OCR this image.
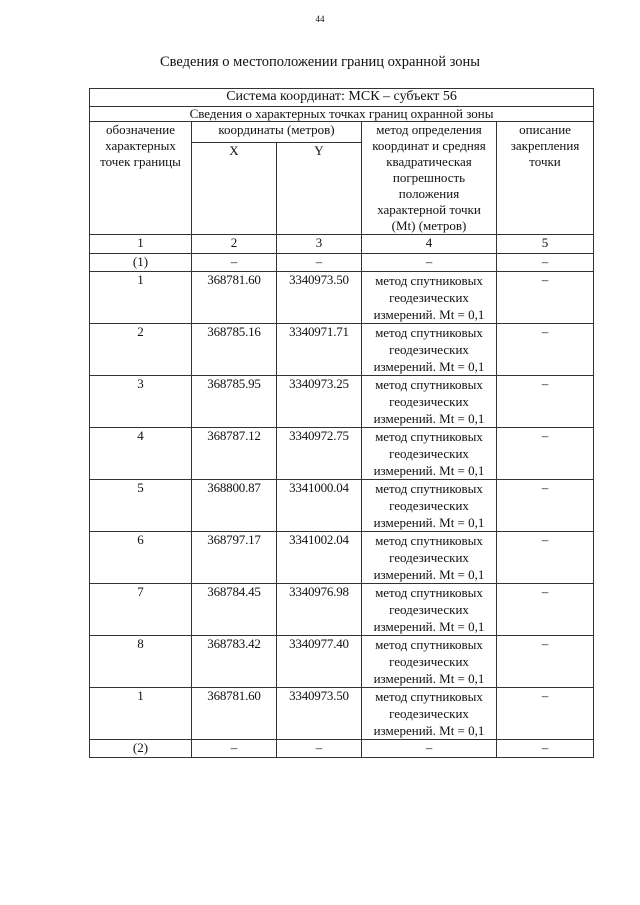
44
Сведения о местоположении границ охранной зоны
Система координат: МСК – субъект 56				
Сведения о характерных точках границ охранной зоны				
обозначение характерных точек границы	координаты (метров)		метод определения координат и средняя квадратическая погрешность положения характерной точки (Mt) (метров)	описание закрепления точки
	X	Y		
1	2	3	4	5
(1)	–	–	–	–
1	368781.60	3340973.50	метод спутниковых
геодезических
измерений. Mt = 0,1	–
2	368785.16	3340971.71	метод спутниковых
геодезических
измерений. Mt = 0,1	–
3	368785.95	3340973.25	метод спутниковых
геодезических
измерений. Mt = 0,1	–
4	368787.12	3340972.75	метод спутниковых
геодезических
измерений. Mt = 0,1	–
5	368800.87	3341000.04	метод спутниковых
геодезических
измерений. Mt = 0,1	–
6	368797.17	3341002.04	метод спутниковых
геодезических
измерений. Mt = 0,1	–
7	368784.45	3340976.98	метод спутниковых
геодезических
измерений. Mt = 0,1	–
8	368783.42	3340977.40	метод спутниковых
геодезических
измерений. Mt = 0,1	–
1	368781.60	3340973.50	метод спутниковых
геодезических
измерений. Mt = 0,1	–
(2)	–	–	–	–
